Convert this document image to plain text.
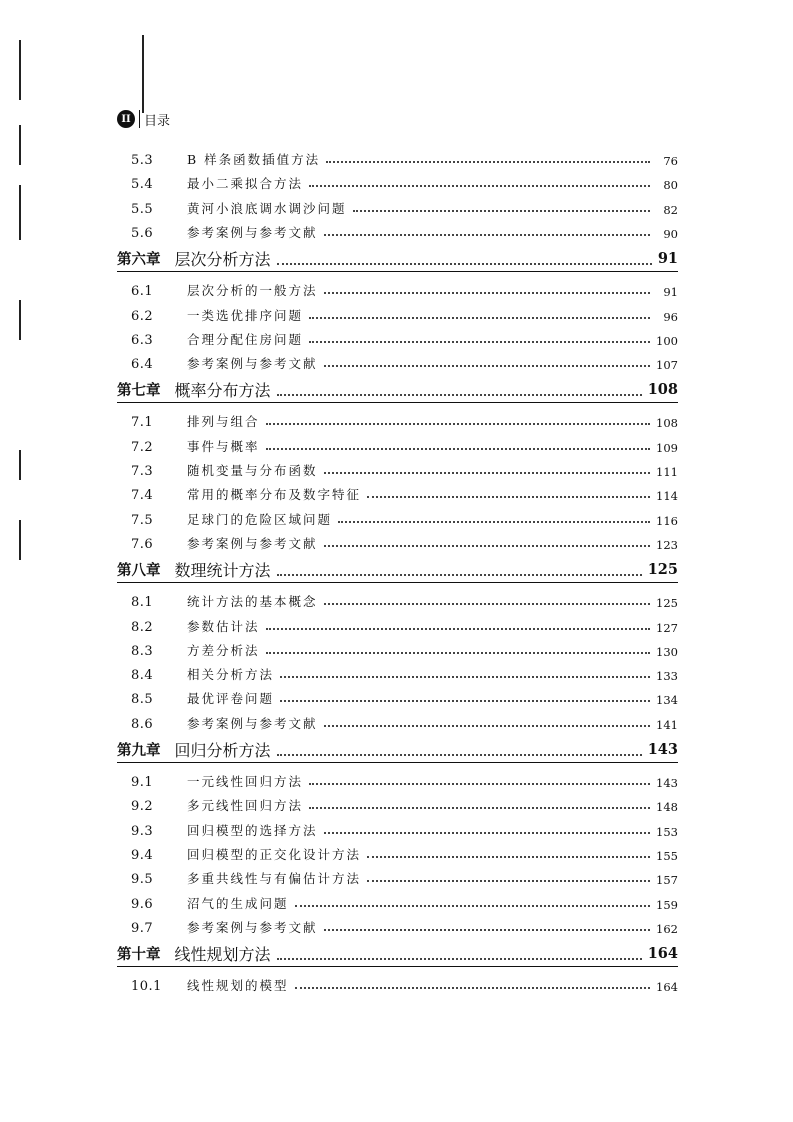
II	目录
5.3	B 样条函数插值方法	76
5.4	最小二乘拟合方法	80
5.5	黄河小浪底调水调沙问题	82
5.6	参考案例与参考文献	90
第六章 层次分析方法	91
6.1	层次分析的一般方法	91
6.2	一类选优排序问题	96
6.3	合理分配住房问题	100
6.4	参考案例与参考文献	107
第七章 概率分布方法	108
7.1	排列与组合	108
7.2	事件与概率	109
7.3	随机变量与分布函数	111
7.4	常用的概率分布及数字特征	114
7.5	足球门的危险区域问题	116
7.6	参考案例与参考文献	123
第八章 数理统计方法	125
8.1	统计方法的基本概念	125
8.2	参数估计法	127
8.3	方差分析法	130
8.4	相关分析方法	133
8.5	最优评卷问题	134
8.6	参考案例与参考文献	141
第九章 回归分析方法	143
9.1	一元线性回归方法	143
9.2	多元线性回归方法	148
9.3	回归模型的选择方法	153
9.4	回归模型的正交化设计方法	155
9.5	多重共线性与有偏估计方法	157
9.6	沼气的生成问题	159
9.7	参考案例与参考文献	162
第十章 线性规划方法	164
10.1	线性规划的模型	164
